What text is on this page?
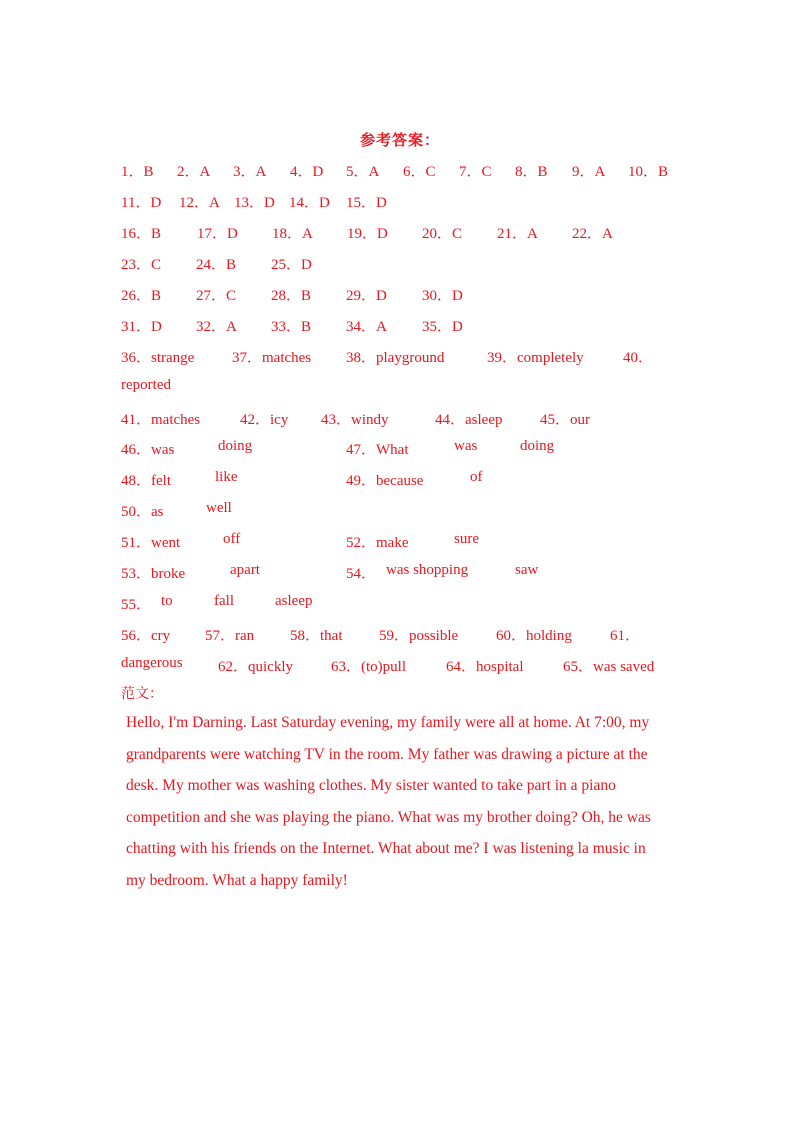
参考答案：
1．B 2．A 3．A 4．D 5．A 6．C 7．C 8．B 9．A 10．B
11．D 12．A 13．D 14．D 15．D
16．B 17．D 18．A 19．D 20．C 21．A 22．A
23．C 24．B 25．D
26．B 27．C 28．B 29．D 30．D
31．D 32．A 33．B 34．A 35．D
36．strange	37．matches 38．playground	39．completely	40．
reported
41．matches	42．icy 43．windy	44．asleep	45．our
46．was	doing	47．What	was	doing
48．felt	like	49．because	of
50．as	well
51．went	off	52．make	sure
53．broke	apart	54． was shopping	saw
55． to	fall	asleep
56．cry 57．ran 58．that 59．possible	60．holding	61．
dangerous 62．quickly	63．(to)pull	64．hospital	65．was saved
范文：
Hello, I'm Darning. Last Saturday evening, my family were all at home. At 7:00, my
grandparents were watching TV in the room. My father was drawing a picture at the
desk. My mother was washing clothes. My sister wanted to take part in a piano
competition and she was playing the piano. What was my brother doing? Oh, he was
chatting with his friends on the Internet. What about me? I was listening la music in
my bedroom. What a happy family!
